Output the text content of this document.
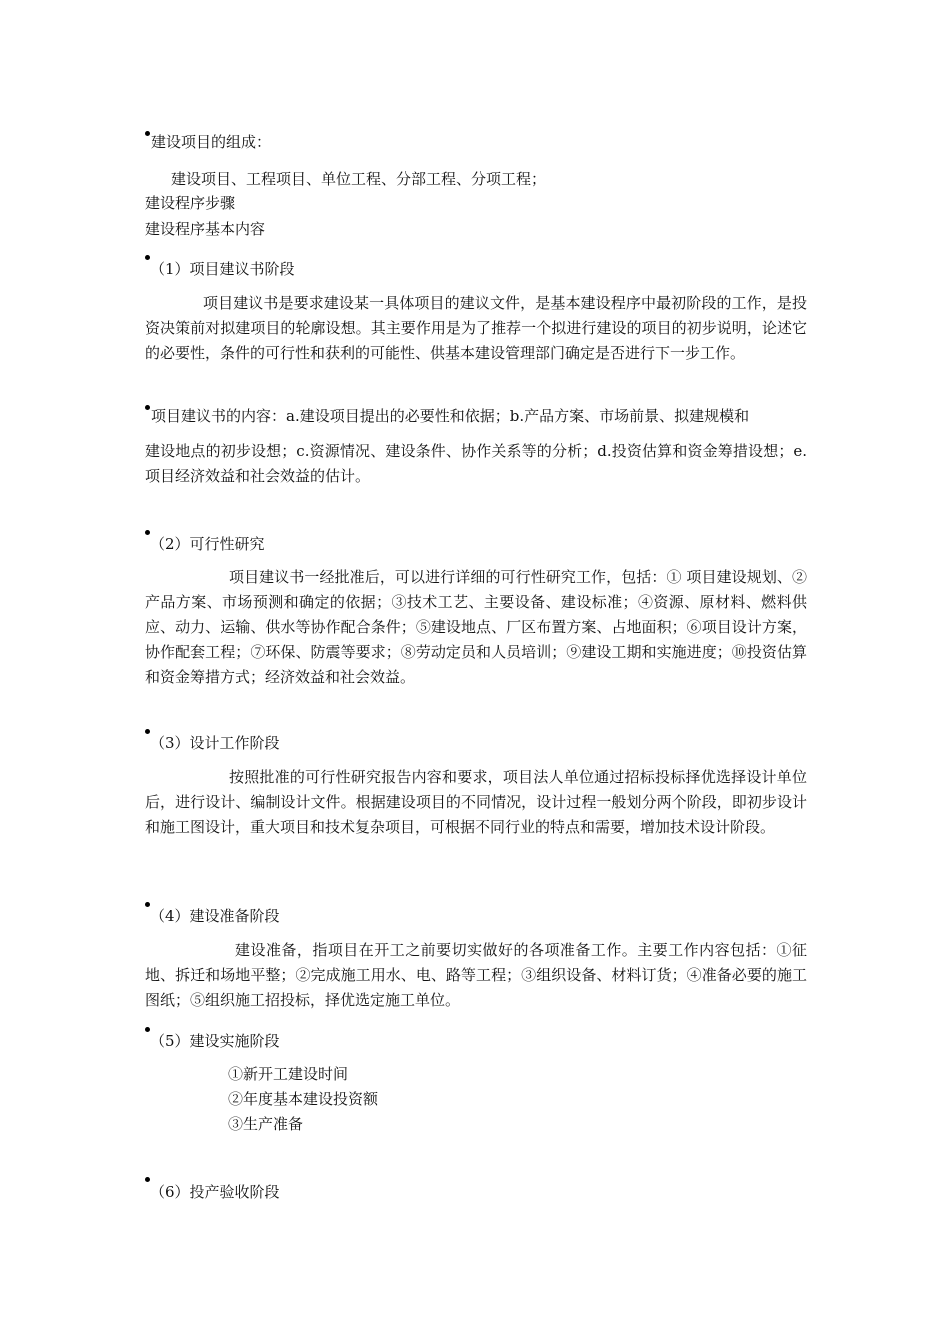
建设项目的组成：
建设项目、工程项目、单位工程、分部工程、分项工程；
建设程序步骤
建设程序基本内容
（1）项目建议书阶段
项目建议书是要求建设某一具体项目的建议文件，是基本建设程序中最初阶段的工作，是投资决策前对拟建项目的轮廓设想。其主要作用是为了推荐一个拟进行建设的项目的初步说明，论述它的必要性，条件的可行性和获利的可能性、供基本建设管理部门确定是否进行下一步工作。
项目建议书的内容：a.建设项目提出的必要性和依据；b.产品方案、市场前景、拟建规模和
建设地点的初步设想；c.资源情况、建设条件、协作关系等的分析；d.投资估算和资金筹措设想；e.项目经济效益和社会效益的估计。
（2）可行性研究
项目建议书一经批准后，可以进行详细的可行性研究工作，包括：① 项目建设规划、②产品方案、市场预测和确定的依据；③技术工艺、主要设备、建设标准；④资源、原材料、燃料供应、动力、运输、供水等协作配合条件；⑤建设地点、厂区布置方案、占地面积；⑥项目设计方案，协作配套工程；⑦环保、防震等要求；⑧劳动定员和人员培训；⑨建设工期和实施进度；⑩投资估算和资金筹措方式；经济效益和社会效益。
（3）设计工作阶段
按照批准的可行性研究报告内容和要求，项目法人单位通过招标投标择优选择设计单位后，进行设计、编制设计文件。根据建设项目的不同情况，设计过程一般划分两个阶段，即初步设计和施工图设计，重大项目和技术复杂项目，可根据不同行业的特点和需要，增加技术设计阶段。
（4）建设准备阶段
建设准备，指项目在开工之前要切实做好的各项准备工作。主要工作内容包括：①征地、拆迁和场地平整；②完成施工用水、电、路等工程；③组织设备、材料订货；④准备必要的施工图纸；⑤组织施工招投标，择优选定施工单位。
（5）建设实施阶段
①新开工建设时间
②年度基本建设投资额
③生产准备
（6）投产验收阶段
